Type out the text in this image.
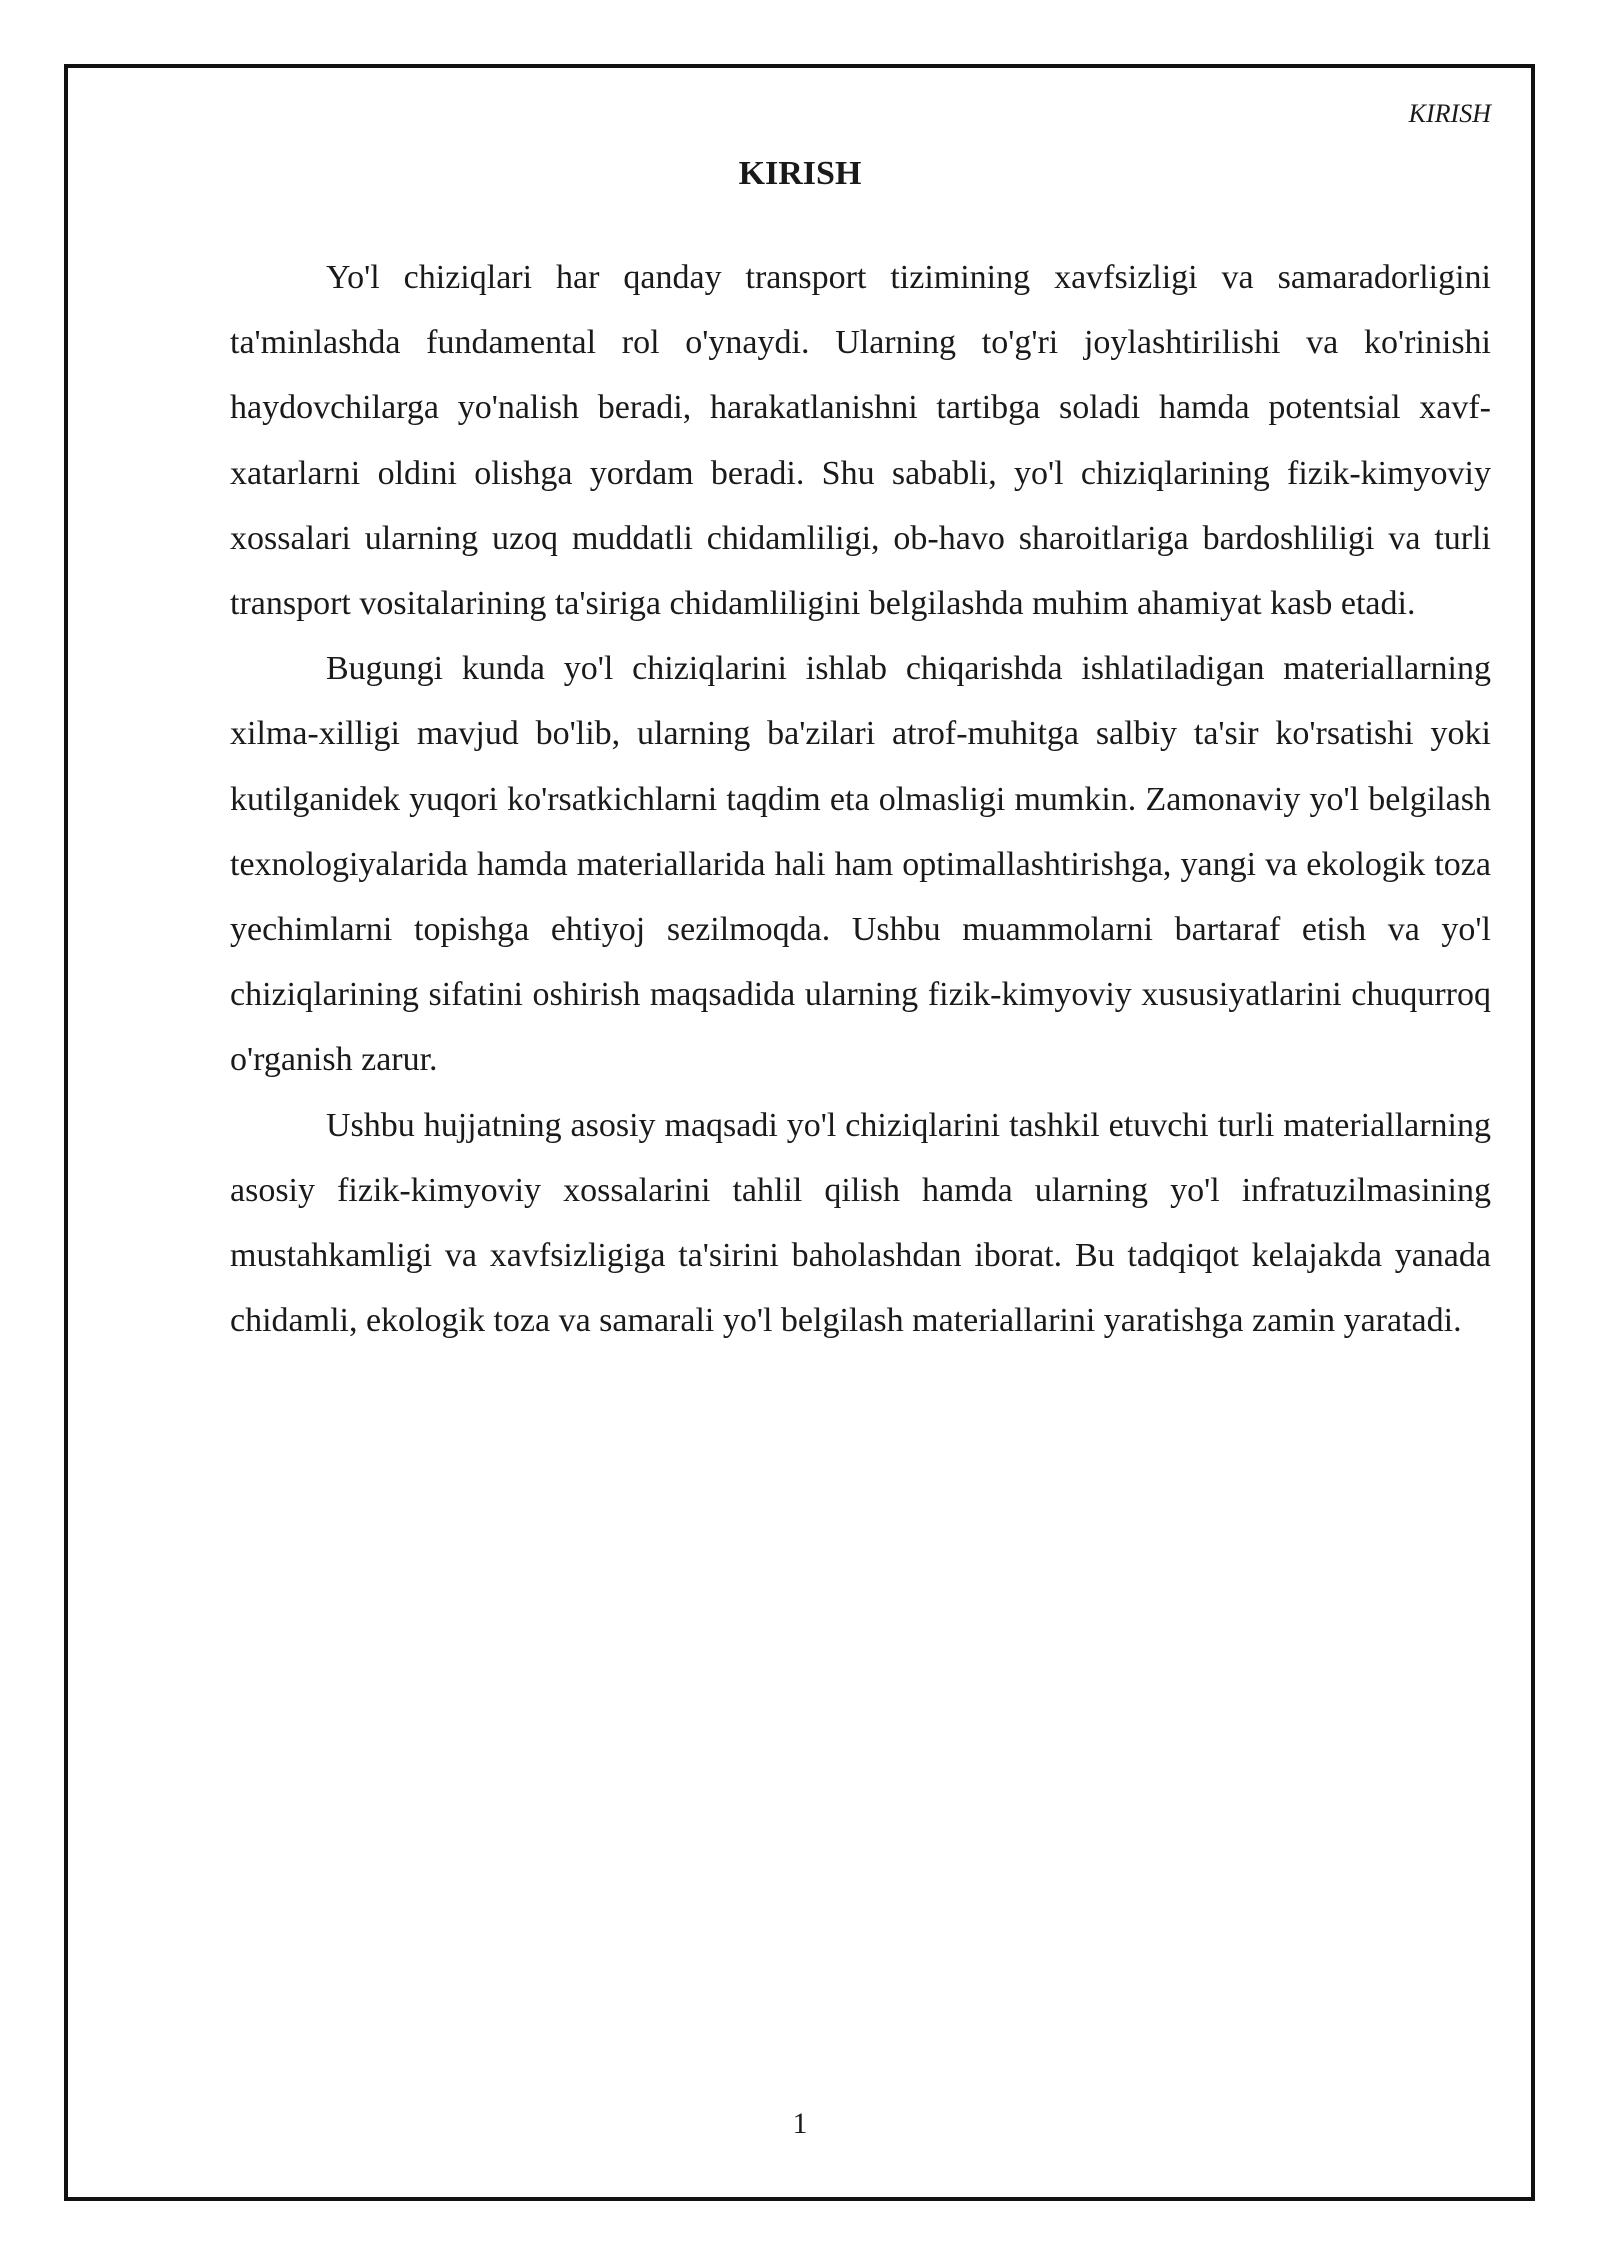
KIRISH
KIRISH

Yo'l chiziqlari har qanday transport tizimining xavfsizligi va samaradorligini ta'minlashda fundamental rol o'ynaydi. Ularning to'g'ri joylashtirilishi va ko'rinishi haydovchilarga yo'nalish beradi, harakatlanishni tartibga soladi hamda potentsial xavf-xatarlarni oldini olishga yordam beradi. Shu sababli, yo'l chiziqlarining fizik-kimyoviy xossalari ularning uzoq muddatli chidamliligi, ob-havo sharoitlariga bardoshliligi va turli transport vositalarining ta'siriga chidamliligini belgilashda muhim ahamiyat kasb etadi.

Bugungi kunda yo'l chiziqlarini ishlab chiqarishda ishlatiladigan materiallarning xilma-xilligi mavjud bo'lib, ularning ba'zilari atrof-muhitga salbiy ta'sir ko'rsatishi yoki kutilganidek yuqori ko'rsatkichlarni taqdim eta olmasligi mumkin. Zamonaviy yo'l belgilash texnologiyalarida hamda materiallarida hali ham optimallashtirishga, yangi va ekologik toza yechimlarni topishga ehtiyoj sezilmoqda. Ushbu muammolarni bartaraf etish va yo'l chiziqlarining sifatini oshirish maqsadida ularning fizik-kimyoviy xususiyatlarini chuqurroq o'rganish zarur.

Ushbu hujjatning asosiy maqsadi yo'l chiziqlarini tashkil etuvchi turli materiallarning asosiy fizik-kimyoviy xossalarini tahlil qilish hamda ularning yo'l infratuzilmasining mustahkamligi va xavfsizligiga ta'sirini baholashdan iborat. Bu tadqiqot kelajakda yanada chidamli, ekologik toza va samarali yo'l belgilash materiallarini yaratishga zamin yaratadi.

1
